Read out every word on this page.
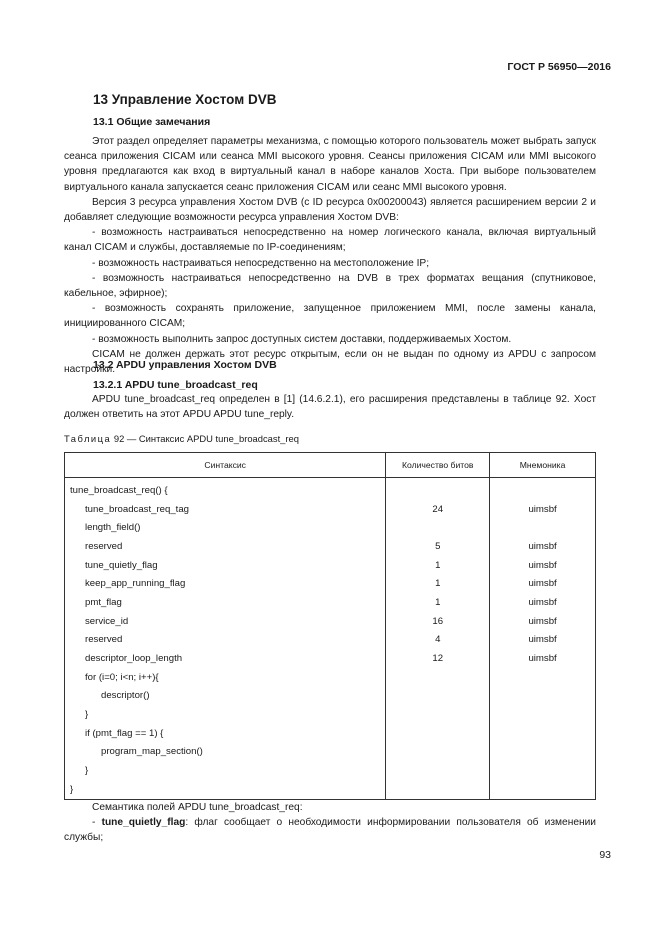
ГОСТ Р 56950—2016
13 Управление Хостом DVB
13.1 Общие замечания

Этот раздел определяет параметры механизма, с помощью которого пользователь может выбрать запуск сеанса приложения CICAM или сеанса MMI высокого уровня. Сеансы приложения CICAM или MMI высокого уровня предлагаются как вход в виртуальный канал в наборе каналов Хоста. При выборе пользователем виртуального канала запускается сеанс приложения CICAM или сеанс MMI высокого уровня.

Версия 3 ресурса управления Хостом DVB (с ID ресурса 0x00200043) является расширением версии 2 и добавляет следующие возможности ресурса управления Хостом DVB:

- возможность настраиваться непосредственно на номер логического канала, включая виртуальный канал CICAM и службы, доставляемые по IP-соединениям;

- возможность настраиваться непосредственно на местоположение IP;

- возможность настраиваться непосредственно на DVB в трех форматах вещания (спутниковое, кабельное, эфирное);

- возможность сохранять приложение, запущенное приложением MMI, после замены канала, инициированного CICAM;

- возможность выполнить запрос доступных систем доставки, поддерживаемых Хостом.

CICAM не должен держать этот ресурс открытым, если он не выдан по одному из APDU с запросом настройки.

13.2 APDU управления Хостом DVB
13.2.1 APDU tune_broadcast_req

APDU tune_broadcast_req определен в [1] (14.6.2.1), его расширения представлены в таблице 92. Хост должен ответить на этот APDU APDU tune_reply.

Таблица 92 — Синтаксис APDU tune_broadcast_req
Синтаксис	Количество битов	Мнемоника
tune_broadcast_req() {		
tune_broadcast_req_tag	24	uimsbf
length_field()		
reserved	5	uimsbf
tune_quietly_flag	1	uimsbf
keep_app_running_flag	1	uimsbf
pmt_flag	1	uimsbf
service_id	16	uimsbf
reserved	4	uimsbf
descriptor_loop_length	12	uimsbf
for (i=0; i<n; i++){		
descriptor()		
}		
if (pmt_flag == 1) {		
program_map_section()		
}		
}		

Семантика полей APDU tune_broadcast_req:

- tune_quietly_flag: флаг сообщает о необходимости информировании пользователя об изменении службы;

93
